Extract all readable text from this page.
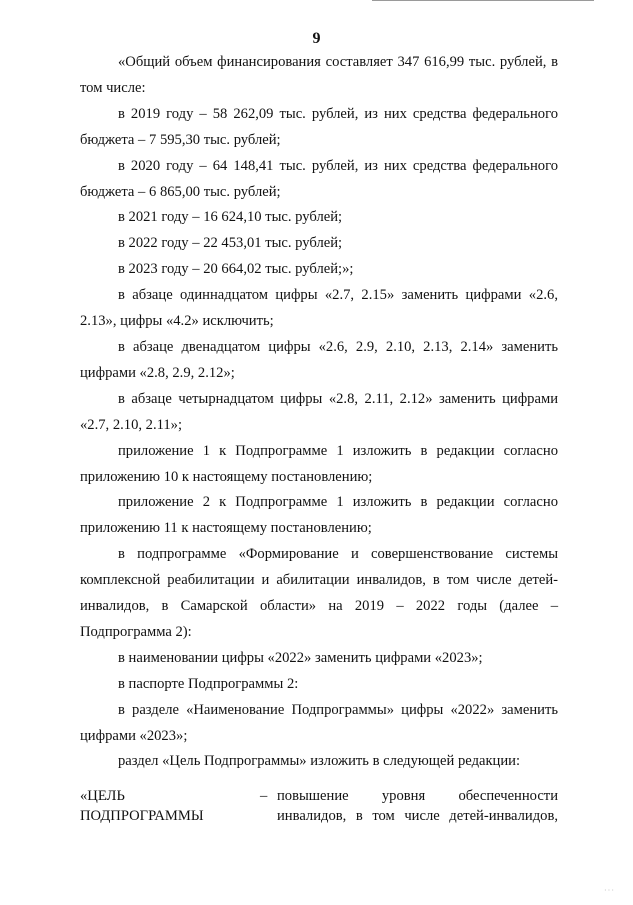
9

«Общий объем финансирования составляет 347 616,99 тыс. рублей, в том числе:

в 2019 году – 58 262,09 тыс. рублей, из них средства федерального бюджета – 7 595,30 тыс. рублей;

в 2020 году – 64 148,41 тыс. рублей, из них средства федерального бюджета – 6 865,00 тыс. рублей;

в 2021 году – 16 624,10 тыс. рублей;

в 2022 году – 22 453,01 тыс. рублей;

в 2023 году – 20 664,02 тыс. рублей;»;

в абзаце одиннадцатом цифры «2.7, 2.15» заменить цифрами «2.6, 2.13», цифры «4.2» исключить;

в абзаце двенадцатом цифры «2.6, 2.9, 2.10, 2.13, 2.14» заменить цифрами «2.8, 2.9, 2.12»;

в абзаце четырнадцатом цифры «2.8, 2.11, 2.12» заменить цифрами «2.7, 2.10, 2.11»;

приложение 1 к Подпрограмме 1 изложить в редакции согласно приложению 10 к настоящему постановлению;

приложение 2 к Подпрограмме 1 изложить в редакции согласно приложению 11 к настоящему постановлению;

в подпрограмме «Формирование и совершенствование системы комплексной реабилитации и абилитации инвалидов, в том числе детей-инвалидов, в Самарской области» на 2019 – 2022 годы (далее – Подпрограмма 2):

в наименовании цифры «2022» заменить цифрами «2023»;

в паспорте Подпрограммы 2:

в разделе «Наименование Подпрограммы» цифры «2022» заменить цифрами «2023»;

раздел «Цель Подпрограммы» изложить в следующей редакции:

«ЦЕЛЬ
ПОДПРОГРАММЫ
– повышение уровня обеспеченности
инвалидов, в том числе детей-инвалидов,
···
